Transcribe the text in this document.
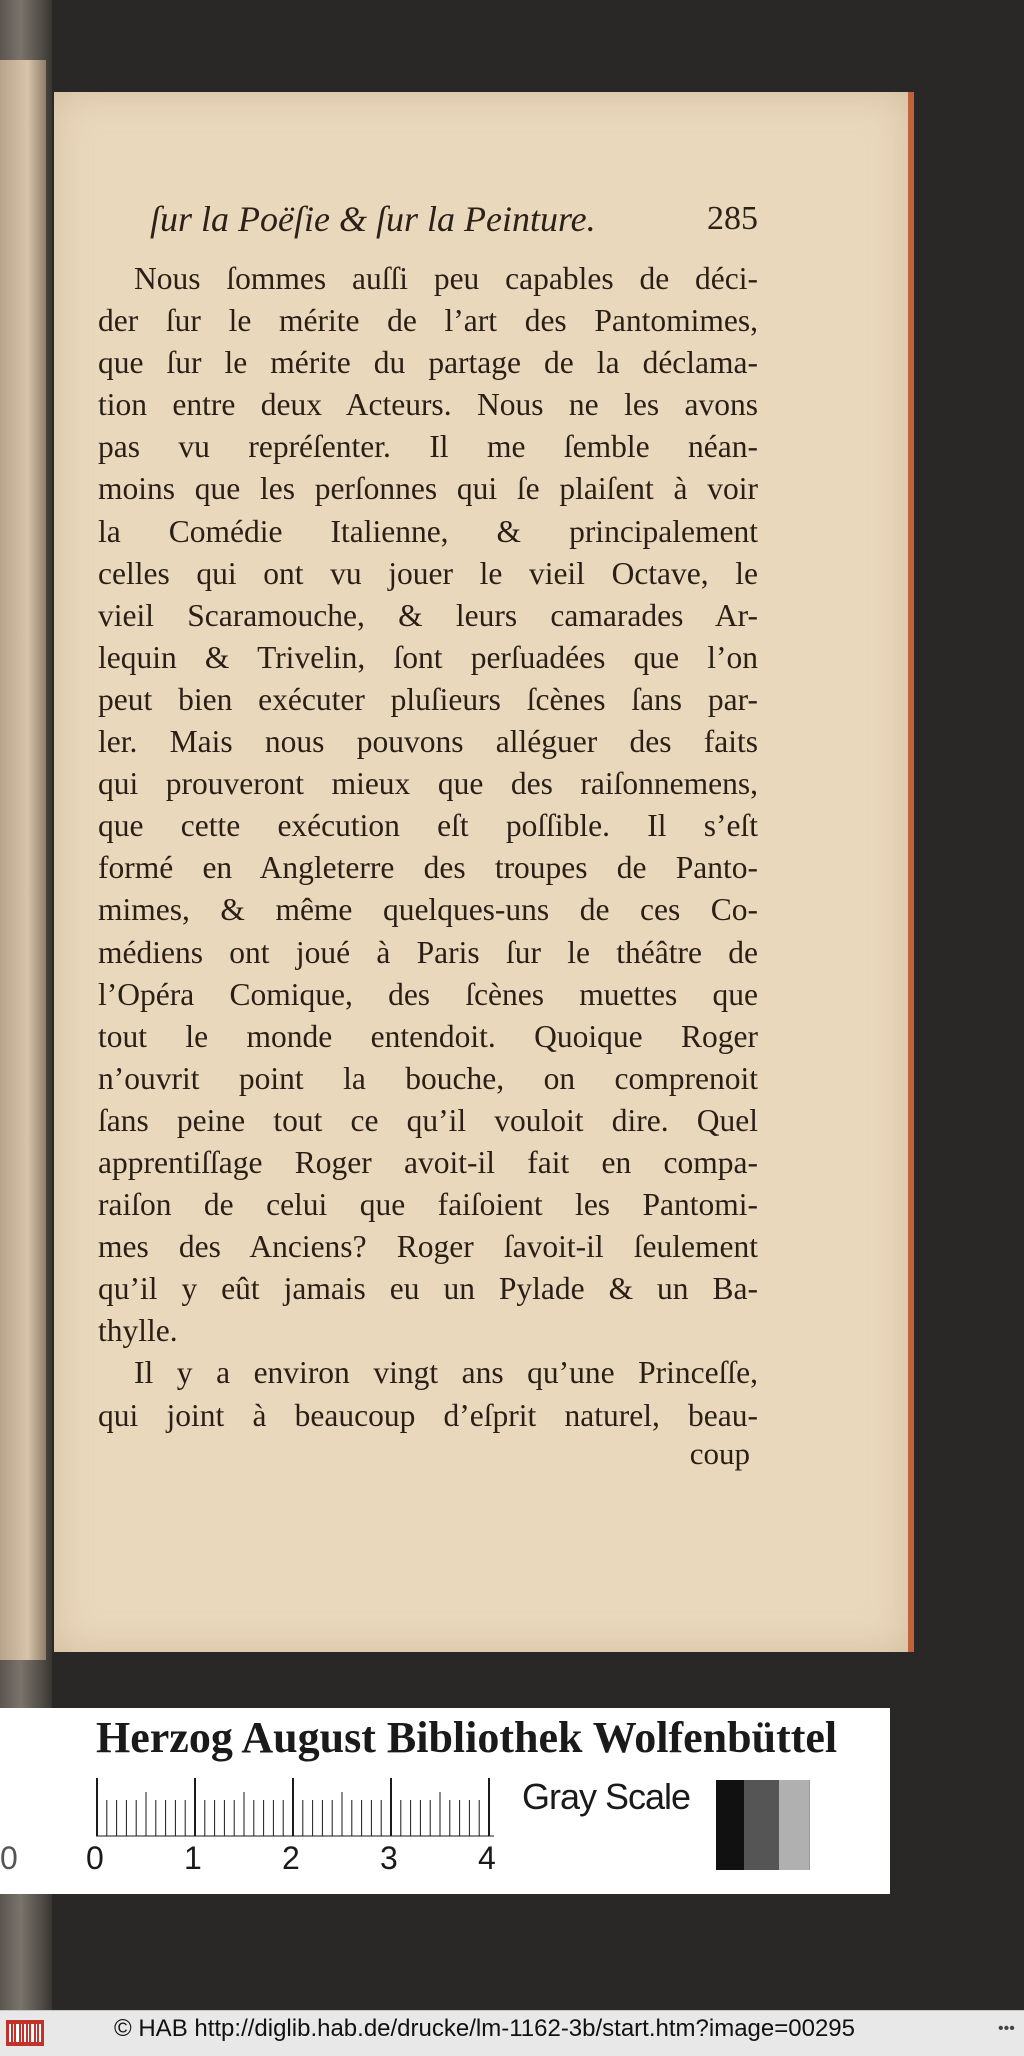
ſur la Poëſie & ſur la Peinture.	285
Nous ſommes auſſi peu capables de déci-
der ſur le mérite de l’art des Pantomimes,
que ſur le mérite du partage de la déclama-
tion entre deux Acteurs. Nous ne les avons
pas vu repréſenter. Il me ſemble néan-
moins que les perſonnes qui ſe plaiſent à voir
la Comédie Italienne, & principalement
celles qui ont vu jouer le vieil Octave, le
vieil Scaramouche, & leurs camarades Ar-
lequin & Trivelin, ſont perſuadées que l’on
peut bien exécuter pluſieurs ſcènes ſans par-
ler. Mais nous pouvons alléguer des faits
qui prouveront mieux que des raiſonnemens,
que cette exécution eſt poſſible. Il s’eſt
formé en Angleterre des troupes de Panto-
mimes, & même quelques-uns de ces Co-
médiens ont joué à Paris ſur le théâtre de
l’Opéra Comique, des ſcènes muettes que
tout le monde entendoit. Quoique Roger
n’ouvrit point la bouche, on comprenoit
ſans peine tout ce qu’il vouloit dire. Quel
apprentiſſage Roger avoit-il fait en compa-
raiſon de celui que faiſoient les Pantomi-
mes des Anciens? Roger ſavoit-il ſeulement
qu’il y eût jamais eu un Pylade & un Ba-
thylle.
Il y a environ vingt ans qu’une Princeſſe,
qui joint à beaucoup d’eſprit naturel, beau-
coup
Herzog August Bibliothek Wolfenbüttel
0 0	1	2	3	4
Gray Scale
© HAB http://diglib.hab.de/drucke/lm-1162-3b/start.htm?image=00295	•••
